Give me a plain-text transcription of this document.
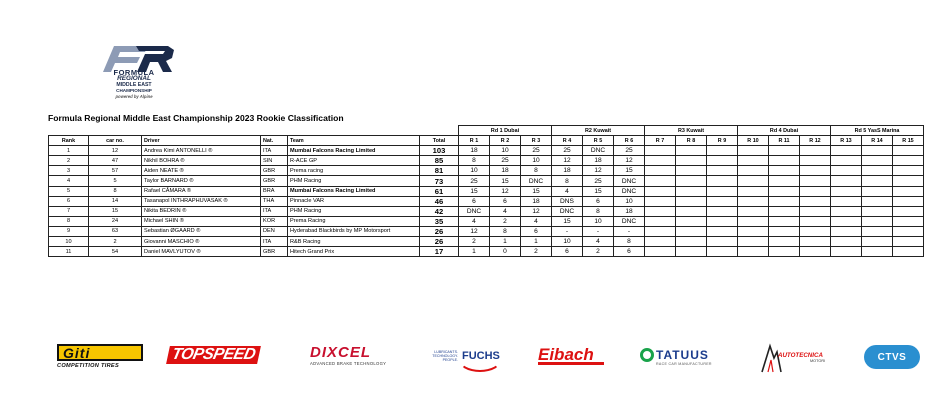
FORMULA
REGIONAL
MIDDLE EAST
CHAMPIONSHIP
powered by Alpine
Formula Regional Middle East Championship 2023 Rookie Classification
						Rd 1 Dubai			R2 Kuwait			R3 Kuwait			Rd 4 Dubai			Rd 5 YasS Marina		
Rank	car no.	Driver	Nat.	Team	Total	R 1	R 2	R 3	R 4	R 5	R 6	R 7	R 8	R 9	R 10	R 11	R 12	R 13	R 14	R 15
1	12	Andrea Kimi ANTONELLI ®	ITA	Mumbai Falcons Racing Limited	103	18	10	25	25	DNC	25									
2	47	Nikhil BOHRA ®	SIN	R-ACE GP	85	8	25	10	12	18	12									
3	57	Aiden NEATE ®	GBR	Prema racing	81	10	18	8	18	12	15									
4	5	Taylor BARNARD ®	GBR	PHM Racing	73	25	15	DNC	8	25	DNC									
5	8	Rafael CÂMARA ®	BRA	Mumbai Falcons Racing Limited	61	15	12	15	4	15	DNC									
6	14	Tasanapol INTHRAPHUVASAK ®	THA	Pinnacle VAR	46	6	6	18	DNS	6	10									
7	15	Nikita BEDRIN ®	ITA	PHM Racing	42	DNC	4	12	DNC	8	18									
8	24	Michael SHIN ®	KOR	Prema Racing	35	4	2	4	15	10	DNC									
9	63	Sebastian ØGAARD ®	DEN	Hyderabad Blackbirds by MP Motorsport	26	12	8	6	-	-	-									
10	2	Giovanni MASCHIO ®	ITA	R&B Racing	26	2	1	1	10	4	8									
11	54	Daniel MAVLYUTOV ®	GBR	Hitech Grand Prix	17	1	0	2	6	2	6									
Giti
COMPETITION TIRES
TOPSPEED	DIXCEL
ADVANCED BRAKE TECHNOLOGY
LUBRICANTS. TECHNOLOGY. PEOPLE. FUCHS Eibach	TATUUS
RACE CAR MANUFACTURER
AUTOTECNICA
MOTORI	CTVS
